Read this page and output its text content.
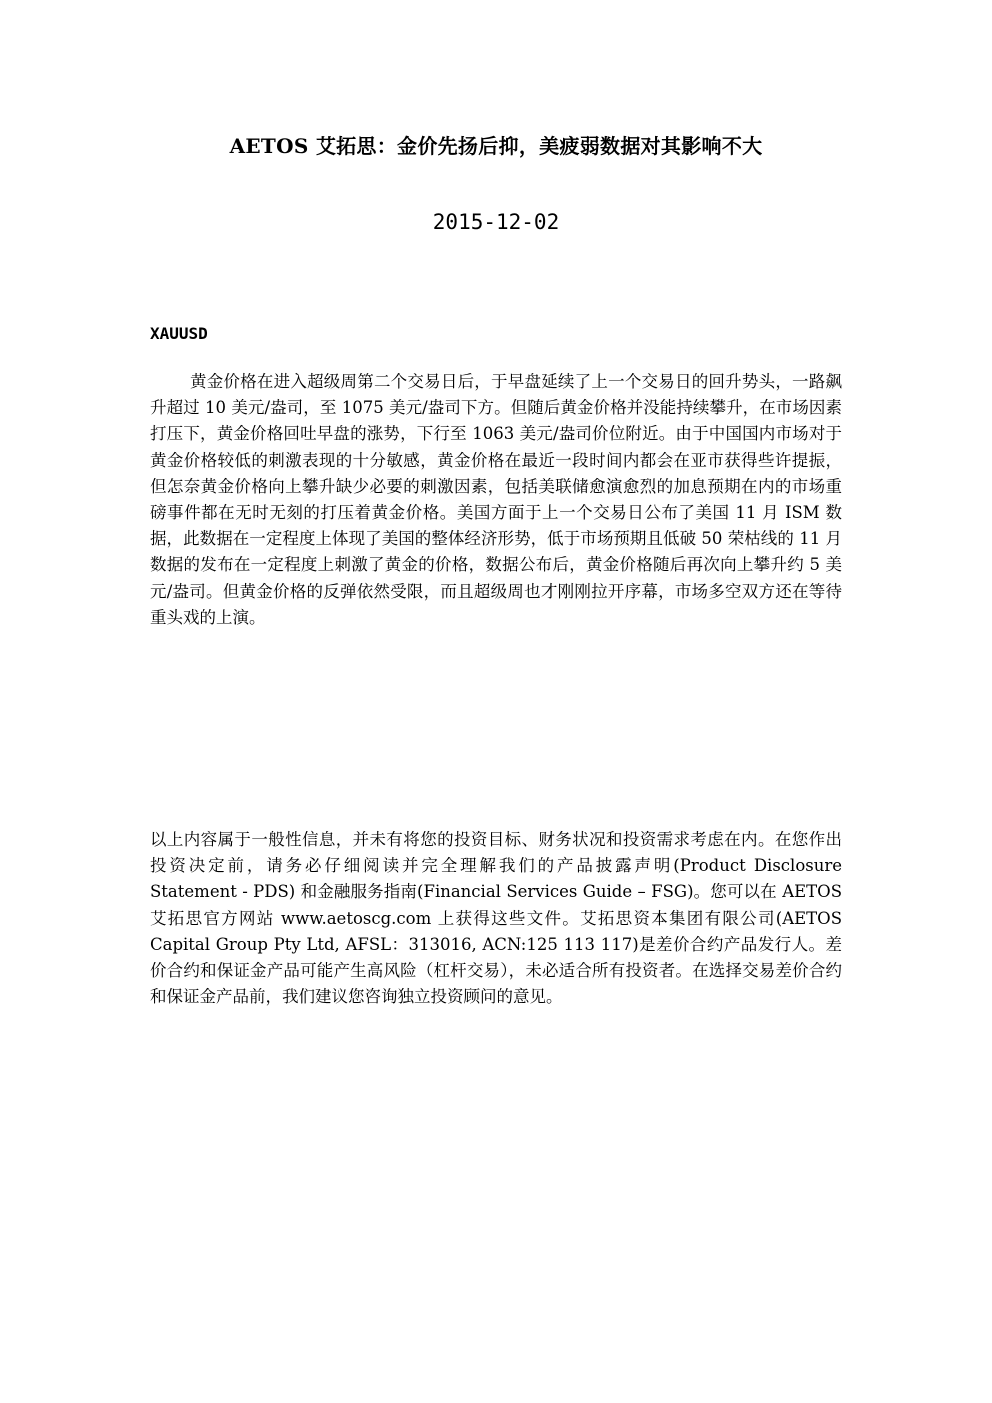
AETOS 艾拓思：金价先扬后抑，美疲弱数据对其影响不大
2015-12-02
XAUUSD

黄金价格在进入超级周第二个交易日后，于早盘延续了上一个交易日的回升势头，一路飙升超过 10 美元/盎司，至 1075 美元/盎司下方。但随后黄金价格并没能持续攀升，在市场因素打压下，黄金价格回吐早盘的涨势，下行至 1063 美元/盎司价位附近。由于中国国内市场对于黄金价格较低的刺激表现的十分敏感，黄金价格在最近一段时间内都会在亚市获得些许提振，但怎奈黄金价格向上攀升缺少必要的刺激因素，包括美联储愈演愈烈的加息预期在内的市场重磅事件都在无时无刻的打压着黄金价格。美国方面于上一个交易日公布了美国 11 月 ISM 数据，此数据在一定程度上体现了美国的整体经济形势，低于市场预期且低破 50 荣枯线的 11 月数据的发布在一定程度上刺激了黄金的价格，数据公布后，黄金价格随后再次向上攀升约 5 美元/盎司。但黄金价格的反弹依然受限，而且超级周也才刚刚拉开序幕，市场多空双方还在等待重头戏的上演。

以上内容属于一般性信息，并未有将您的投资目标、财务状况和投资需求考虑在内。在您作出投资决定前，请务必仔细阅读并完全理解我们的产品披露声明(Product Disclosure Statement - PDS) 和金融服务指南(Financial Services Guide – FSG)。您可以在 AETOS 艾拓思官方网站 www.aetoscg.com 上获得这些文件。艾拓思资本集团有限公司(AETOS Capital Group Pty Ltd, AFSL：313016, ACN:125 113 117)是差价合约产品发行人。差价合约和保证金产品可能产生高风险（杠杆交易），未必适合所有投资者。在选择交易差价合约和保证金产品前，我们建议您咨询独立投资顾问的意见。
